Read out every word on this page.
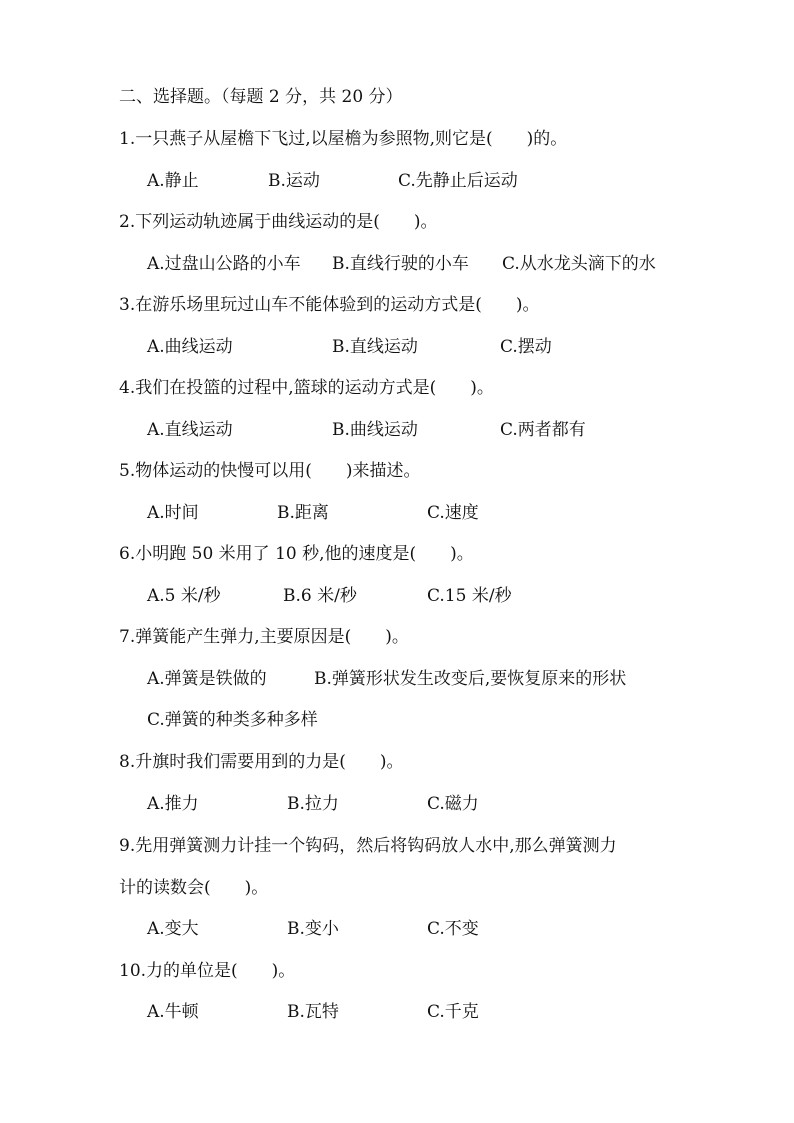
二、选择题。（每题 2 分，共 20 分）
1.一只燕子从屋檐下飞过,以屋檐为参照物,则它是(　　)的。
A.静止	B.运动	C.先静止后运动
2.下列运动轨迹属于曲线运动的是(　　)。
A.过盘山公路的小车 B.直线行驶的小车 C.从水龙头滴下的水
3.在游乐场里玩过山车不能体验到的运动方式是(　　)。
A.曲线运动	B.直线运动	C.摆动
4.我们在投篮的过程中,篮球的运动方式是(　　)。
A.直线运动	B.曲线运动	C.两者都有
5.物体运动的快慢可以用(　　)来描述。
A.时间	B.距离	C.速度
6.小明跑 50 米用了 10 秒,他的速度是(　　)。
A.5 米/秒	B.6 米/秒	C.15 米/秒
7.弹簧能产生弹力,主要原因是(　　)。
A.弹簧是铁做的	B.弹簧形状发生改变后,要恢复原来的形状
C.弹簧的种类多种多样
8.升旗时我们需要用到的力是(　　)。
A.推力	B.拉力	C.磁力
9.先用弹簧测力计挂一个钩码，然后将钩码放人水中,那么弹簧测力
计的读数会(　　)。
A.变大	B.变小	C.不变
10.力的单位是(　　)。
A.牛顿	B.瓦特	C.千克
